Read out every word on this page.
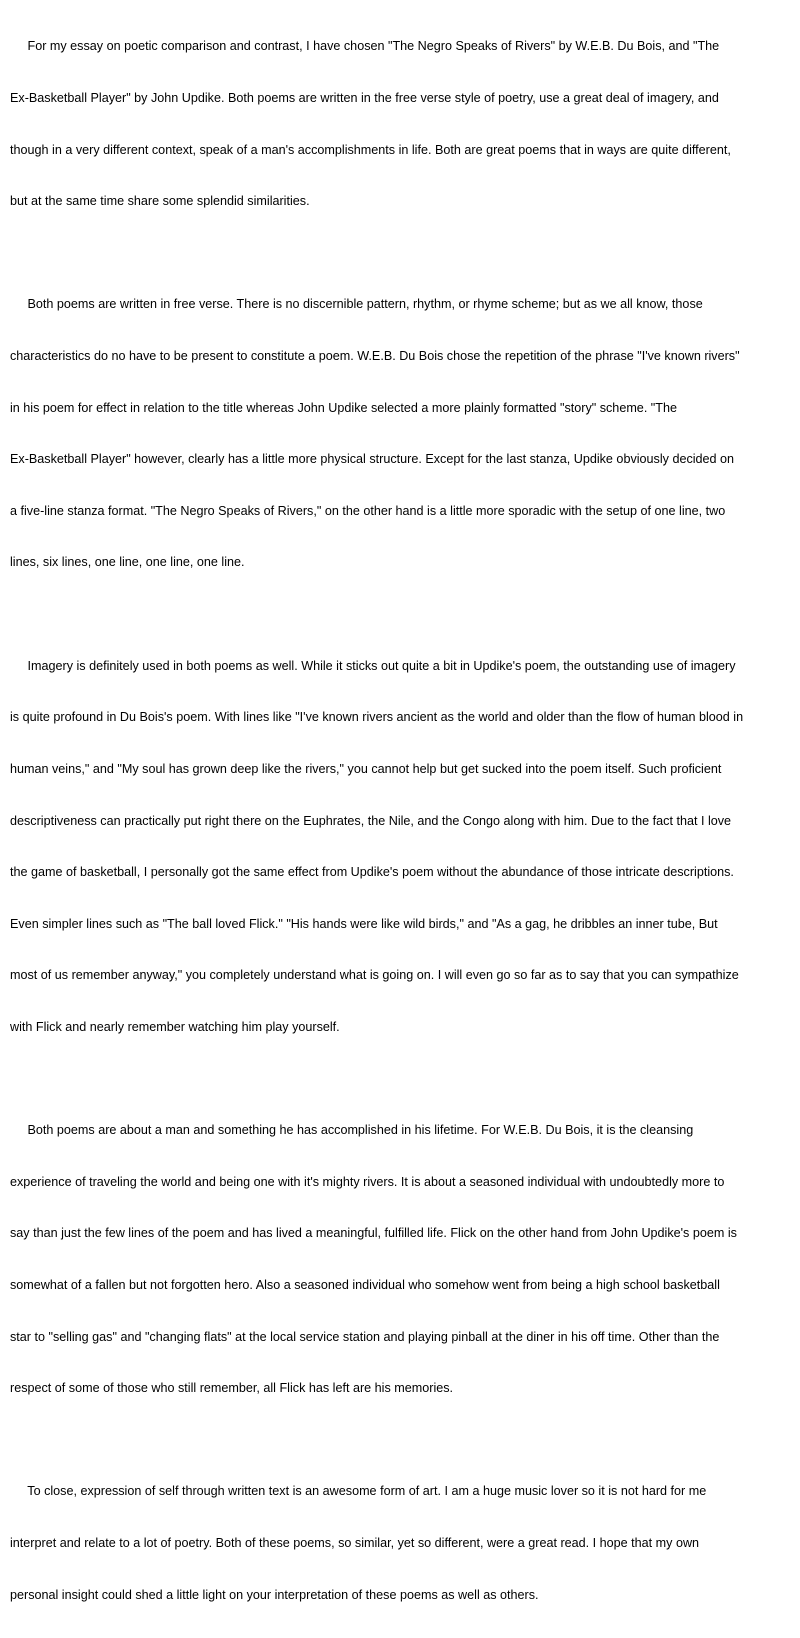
For my essay on poetic comparison and contrast, I have chosen "The Negro Speaks of Rivers" by W.E.B. Du Bois, and "The

Ex-Basketball Player" by John Updike. Both poems are written in the free verse style of poetry, use a great deal of imagery, and

though in a very different context, speak of a man's accomplishments in life. Both are great poems that in ways are quite different,

but at the same time share some splendid similarities.

Both poems are written in free verse. There is no discernible pattern, rhythm, or rhyme scheme; but as we all know, those

characteristics do no have to be present to constitute a poem. W.E.B. Du Bois chose the repetition of the phrase "I've known rivers"

in his poem for effect in relation to the title whereas John Updike selected a more plainly formatted "story" scheme. "The

Ex-Basketball Player" however, clearly has a little more physical structure. Except for the last stanza, Updike obviously decided on

a five-line stanza format. "The Negro Speaks of Rivers," on the other hand is a little more sporadic with the setup of one line, two

lines, six lines, one line, one line, one line.

Imagery is definitely used in both poems as well. While it sticks out quite a bit in Updike's poem, the outstanding use of imagery

is quite profound in Du Bois's poem. With lines like "I've known rivers ancient as the world and older than the flow of human blood in

human veins," and "My soul has grown deep like the rivers," you cannot help but get sucked into the poem itself. Such proficient

descriptiveness can practically put right there on the Euphrates, the Nile, and the Congo along with him. Due to the fact that I love

the game of basketball, I personally got the same effect from Updike's poem without the abundance of those intricate descriptions.

Even simpler lines such as "The ball loved Flick." "His hands were like wild birds," and "As a gag, he dribbles an inner tube, But

most of us remember anyway," you completely understand what is going on. I will even go so far as to say that you can sympathize

with Flick and nearly remember watching him play yourself.

Both poems are about a man and something he has accomplished in his lifetime. For W.E.B. Du Bois, it is the cleansing

experience of traveling the world and being one with it's mighty rivers. It is about a seasoned individual with undoubtedly more to

say than just the few lines of the poem and has lived a meaningful, fulfilled life. Flick on the other hand from John Updike's poem is

somewhat of a fallen but not forgotten hero. Also a seasoned individual who somehow went from being a high school basketball

star to "selling gas" and "changing flats" at the local service station and playing pinball at the diner in his off time. Other than the

respect of some of those who still remember, all Flick has left are his memories.

To close, expression of self through written text is an awesome form of art. I am a huge music lover so it is not hard for me

interpret and relate to a lot of poetry. Both of these poems, so similar, yet so different, were a great read. I hope that my own

personal insight could shed a little light on your interpretation of these poems as well as others.
